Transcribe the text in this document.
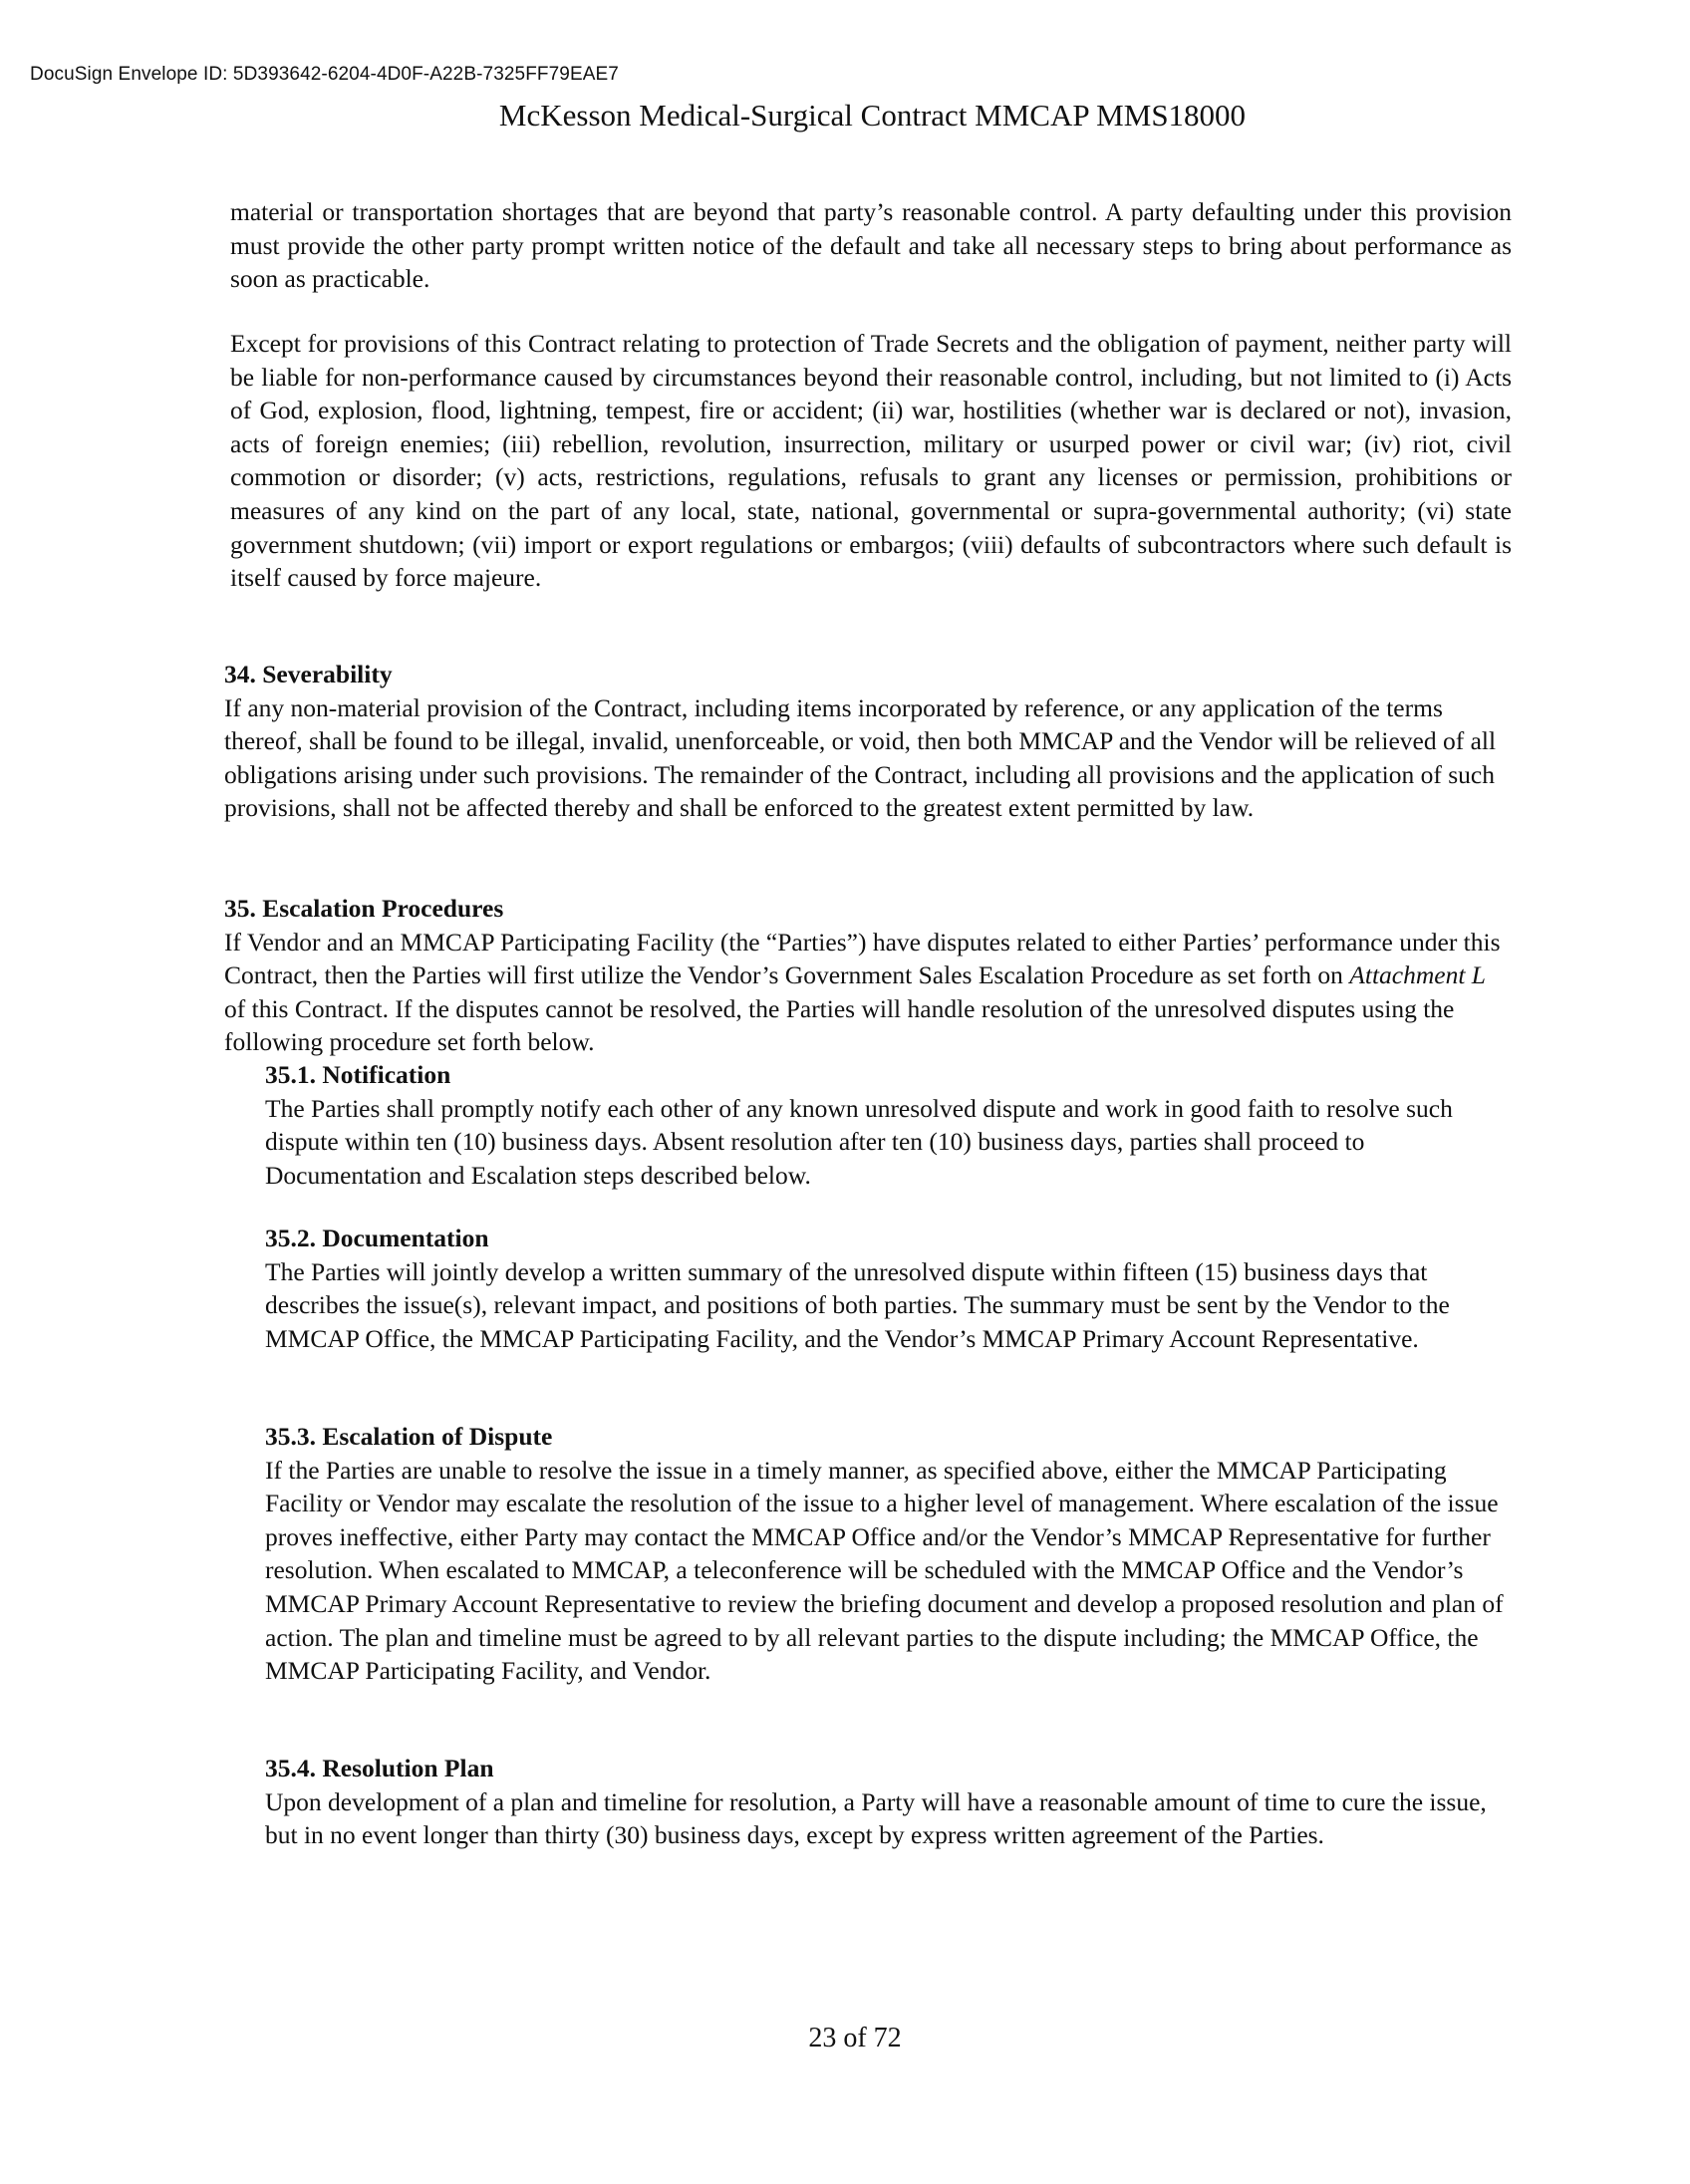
DocuSign Envelope ID: 5D393642-6204-4D0F-A22B-7325FF79EAE7
McKesson Medical-Surgical Contract MMCAP MMS18000
material or transportation shortages that are beyond that party’s reasonable control. A party defaulting under this provision must provide the other party prompt written notice of the default and take all necessary steps to bring about performance as soon as practicable.
Except for provisions of this Contract relating to protection of Trade Secrets and the obligation of payment, neither party will be liable for non-performance caused by circumstances beyond their reasonable control, including, but not limited to (i) Acts of God, explosion, flood, lightning, tempest, fire or accident; (ii) war, hostilities (whether war is declared or not), invasion, acts of foreign enemies; (iii) rebellion, revolution, insurrection, military or usurped power or civil war; (iv) riot, civil commotion or disorder; (v) acts, restrictions, regulations, refusals to grant any licenses or permission, prohibitions or measures of any kind on the part of any local, state, national, governmental or supra-governmental authority; (vi) state government shutdown; (vii) import or export regulations or embargos; (viii) defaults of subcontractors where such default is itself caused by force majeure.
34. Severability
If any non-material provision of the Contract, including items incorporated by reference, or any application of the terms thereof, shall be found to be illegal, invalid, unenforceable, or void, then both MMCAP and the Vendor will be relieved of all obligations arising under such provisions. The remainder of the Contract, including all provisions and the application of such provisions, shall not be affected thereby and shall be enforced to the greatest extent permitted by law.
35. Escalation Procedures
If Vendor and an MMCAP Participating Facility (the “Parties”) have disputes related to either Parties’ performance under this Contract, then the Parties will first utilize the Vendor’s Government Sales Escalation Procedure as set forth on Attachment L of this Contract. If the disputes cannot be resolved, the Parties will handle resolution of the unresolved disputes using the following procedure set forth below.
35.1. Notification
The Parties shall promptly notify each other of any known unresolved dispute and work in good faith to resolve such dispute within ten (10) business days. Absent resolution after ten (10) business days, parties shall proceed to Documentation and Escalation steps described below.
35.2. Documentation
The Parties will jointly develop a written summary of the unresolved dispute within fifteen (15) business days that describes the issue(s), relevant impact, and positions of both parties. The summary must be sent by the Vendor to the MMCAP Office, the MMCAP Participating Facility, and the Vendor’s MMCAP Primary Account Representative.
35.3. Escalation of Dispute
If the Parties are unable to resolve the issue in a timely manner, as specified above, either the MMCAP Participating Facility or Vendor may escalate the resolution of the issue to a higher level of management. Where escalation of the issue proves ineffective, either Party may contact the MMCAP Office and/or the Vendor’s MMCAP Representative for further resolution. When escalated to MMCAP, a teleconference will be scheduled with the MMCAP Office and the Vendor’s MMCAP Primary Account Representative to review the briefing document and develop a proposed resolution and plan of action. The plan and timeline must be agreed to by all relevant parties to the dispute including; the MMCAP Office, the MMCAP Participating Facility, and Vendor.
35.4. Resolution Plan
Upon development of a plan and timeline for resolution, a Party will have a reasonable amount of time to cure the issue, but in no event longer than thirty (30) business days, except by express written agreement of the Parties.
23 of 72
